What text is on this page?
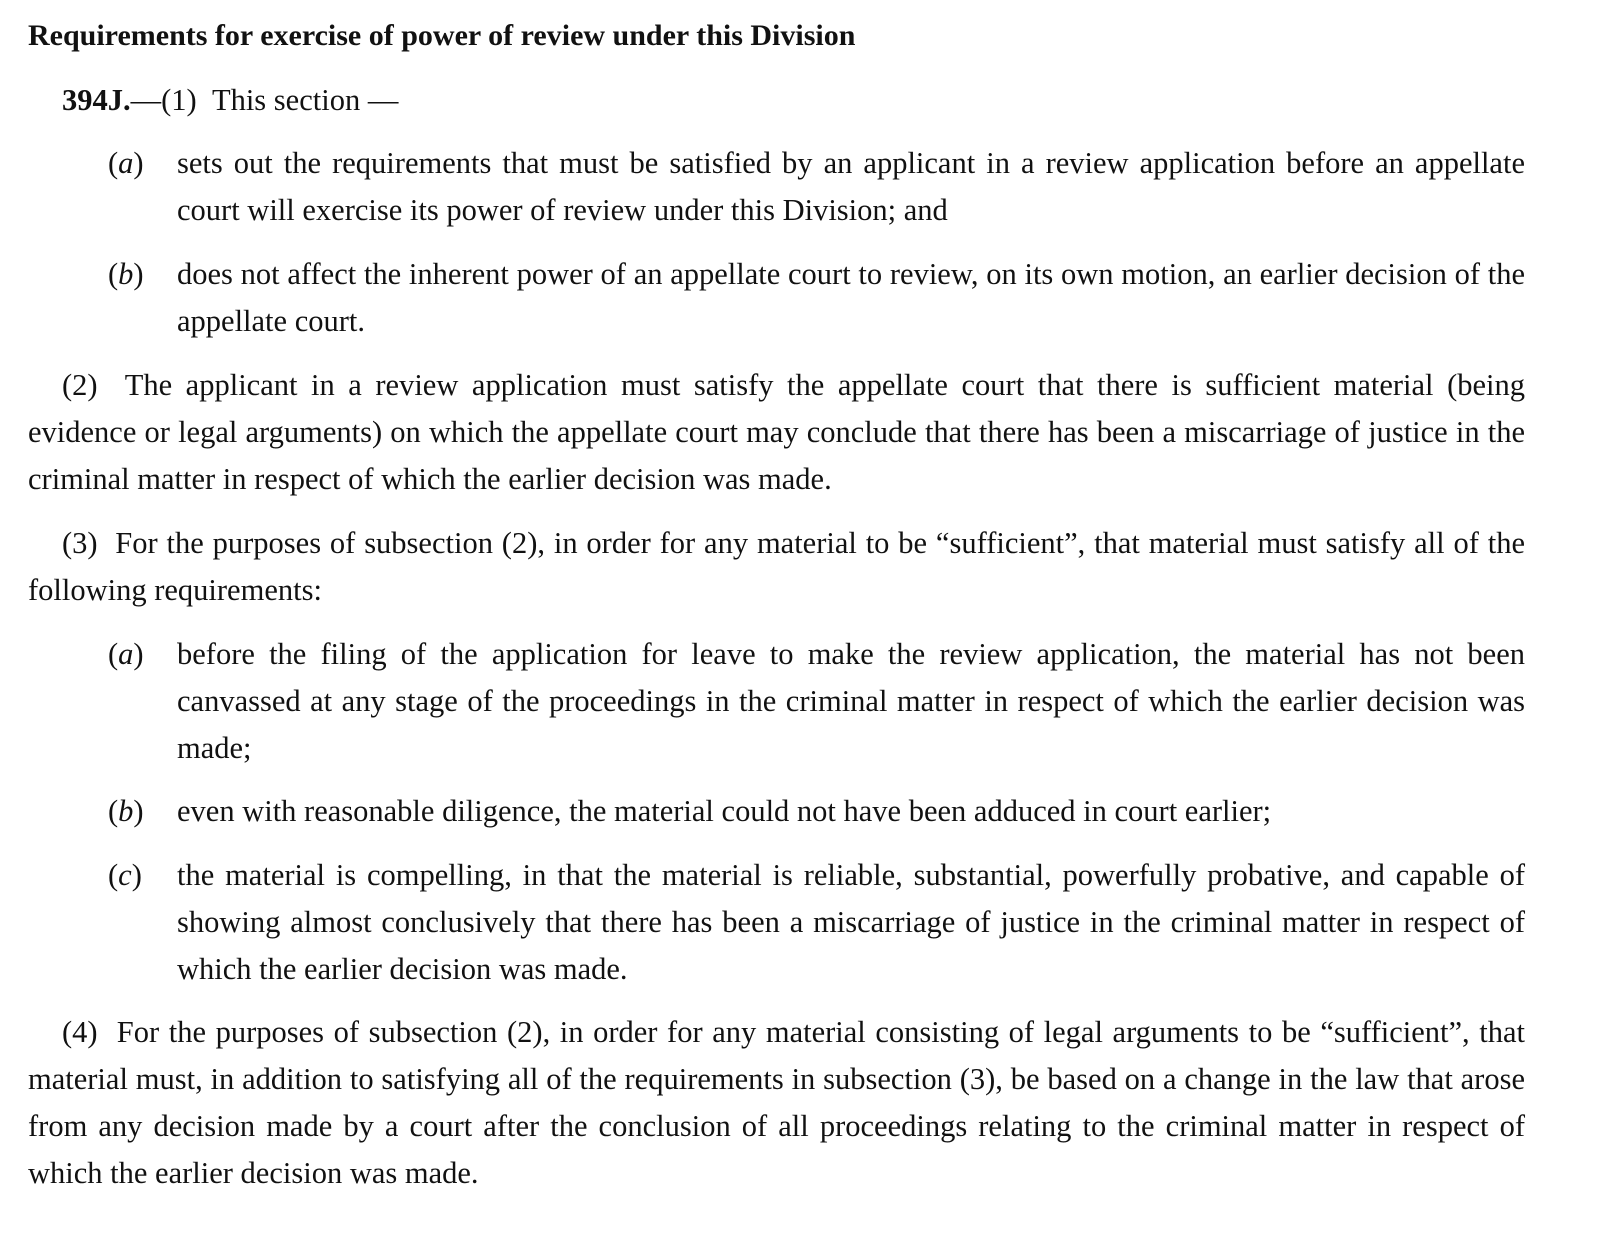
Requirements for exercise of power of review under this Division
394J.—(1) This section —
(a) sets out the requirements that must be satisfied by an applicant in a review application before an appellate court will exercise its power of review under this Division; and
(b) does not affect the inherent power of an appellate court to review, on its own motion, an earlier decision of the appellate court.
(2) The applicant in a review application must satisfy the appellate court that there is sufficient material (being evidence or legal arguments) on which the appellate court may conclude that there has been a miscarriage of justice in the criminal matter in respect of which the earlier decision was made.
(3) For the purposes of subsection (2), in order for any material to be “sufficient”, that material must satisfy all of the following requirements:
(a) before the filing of the application for leave to make the review application, the material has not been canvassed at any stage of the proceedings in the criminal matter in respect of which the earlier decision was made;
(b) even with reasonable diligence, the material could not have been adduced in court earlier;
(c) the material is compelling, in that the material is reliable, substantial, powerfully probative, and capable of showing almost conclusively that there has been a miscarriage of justice in the criminal matter in respect of which the earlier decision was made.
(4) For the purposes of subsection (2), in order for any material consisting of legal arguments to be “sufficient”, that material must, in addition to satisfying all of the requirements in subsection (3), be based on a change in the law that arose from any decision made by a court after the conclusion of all proceedings relating to the criminal matter in respect of which the earlier decision was made.
